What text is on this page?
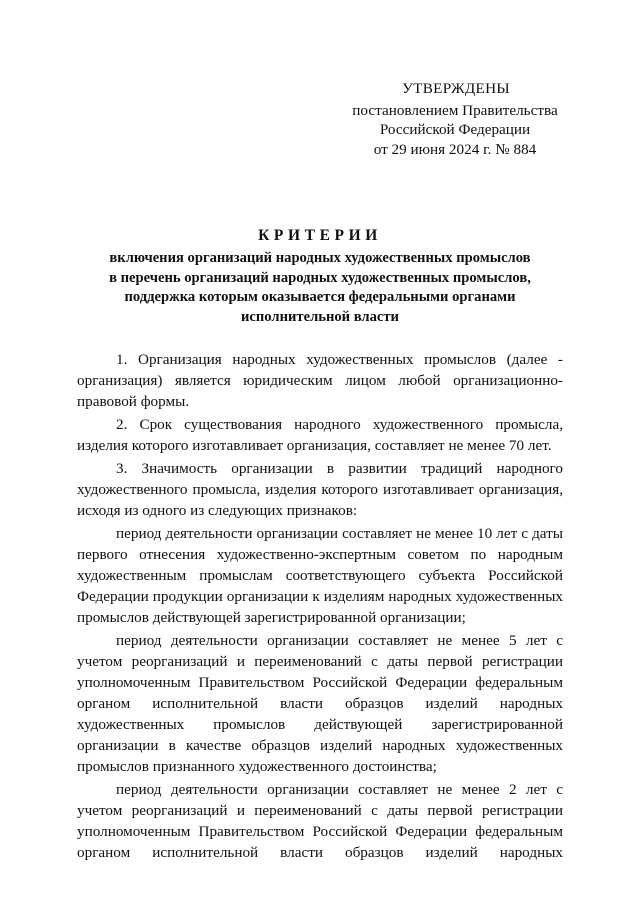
УТВЕРЖДЕНЫ
постановлением Правительства
Российской Федерации
от 29 июня 2024 г. № 884
КРИТЕРИИ
включения организаций народных художественных промыслов
в перечень организаций народных художественных промыслов,
поддержка которым оказывается федеральными органами
исполнительной власти

1. Организация народных художественных промыслов (далее - организация) является юридическим лицом любой организационно-правовой формы.

2. Срок существования народного художественного промысла, изделия которого изготавливает организация, составляет не менее 70 лет.

3. Значимость организации в развитии традиций народного художественного промысла, изделия которого изготавливает организация, исходя из одного из следующих признаков:

период деятельности организации составляет не менее 10 лет с даты первого отнесения художественно-экспертным советом по народным художественным промыслам соответствующего субъекта Российской Федерации продукции организации к изделиям народных художественных промыслов действующей зарегистрированной организации;

период деятельности организации составляет не менее 5 лет с учетом реорганизаций и переименований с даты первой регистрации уполномоченным Правительством Российской Федерации федеральным органом исполнительной власти образцов изделий народных художественных промыслов действующей зарегистрированной организации в качестве образцов изделий народных художественных промыслов признанного художественного достоинства;

период деятельности организации составляет не менее 2 лет с учетом реорганизаций и переименований с даты первой регистрации уполномоченным Правительством Российской Федерации федеральным органом исполнительной власти образцов изделий народных
